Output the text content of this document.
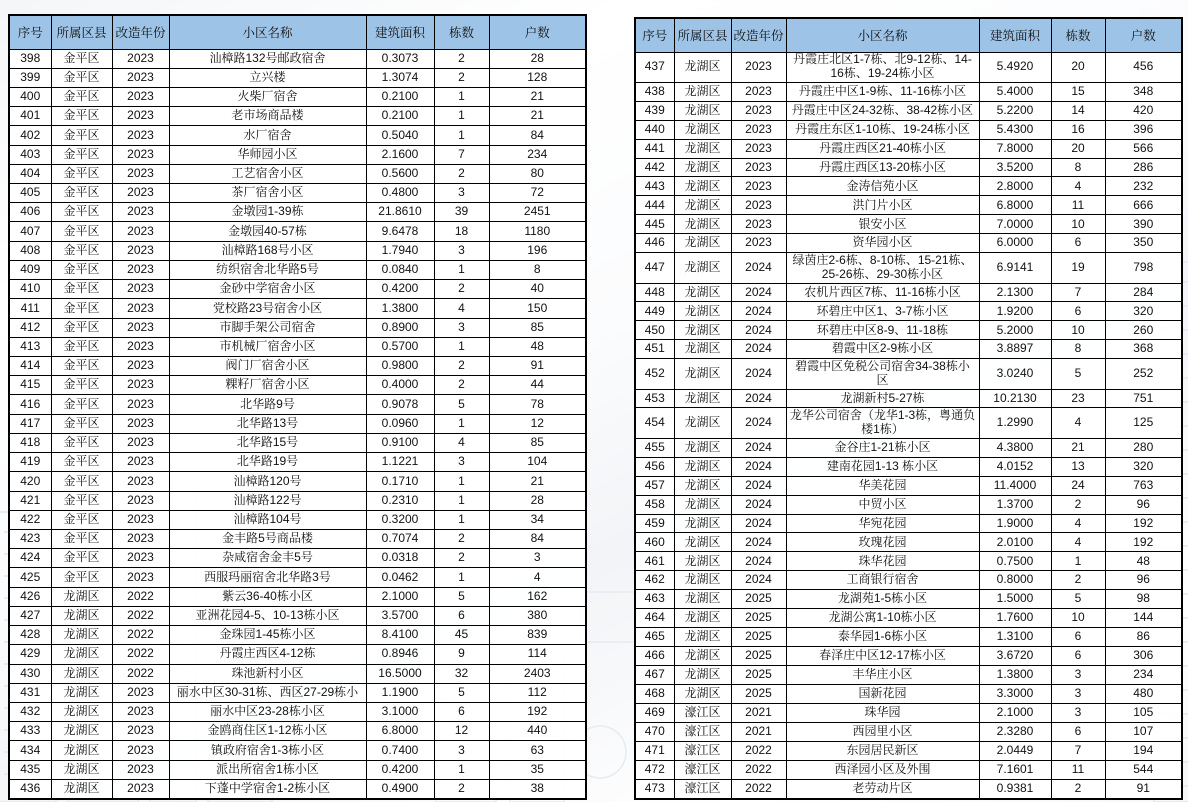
序号	所属区县	改造年份	小区名称	建筑面积	栋数	户数
398	金平区	2023	汕樟路132号邮政宿舍	0.3073	2	28
399	金平区	2023	立兴楼	1.3074	2	128
400	金平区	2023	火柴厂宿舍	0.2100	1	21
401	金平区	2023	老市场商品楼	0.2100	1	21
402	金平区	2023	水厂宿舍	0.5040	1	84
403	金平区	2023	华师园小区	2.1600	7	234
404	金平区	2023	工艺宿舍小区	0.5600	2	80
405	金平区	2023	茶厂宿舍小区	0.4800	3	72
406	金平区	2023	金墩园1-39栋	21.8610	39	2451
407	金平区	2023	金墩园40-57栋	9.6478	18	1180
408	金平区	2023	汕樟路168号小区	1.7940	3	196
409	金平区	2023	纺织宿舍北华路5号	0.0840	1	8
410	金平区	2023	金砂中学宿舍小区	0.4200	2	40
411	金平区	2023	党校路23号宿舍小区	1.3800	4	150
412	金平区	2023	市脚手架公司宿舍	0.8900	3	85
413	金平区	2023	市机械厂宿舍小区	0.5700	1	48
414	金平区	2023	阀门厂宿舍小区	0.9800	2	91
415	金平区	2023	粿籽厂宿舍小区	0.4000	2	44
416	金平区	2023	北华路9号	0.9078	5	78
417	金平区	2023	北华路13号	0.0960	1	12
418	金平区	2023	北华路15号	0.9100	4	85
419	金平区	2023	北华路19号	1.1221	3	104
420	金平区	2023	汕樟路120号	0.1710	1	21
421	金平区	2023	汕樟路122号	0.2310	1	28
422	金平区	2023	汕樟路104号	0.3200	1	34
423	金平区	2023	金丰路5号商品楼	0.7074	2	84
424	金平区	2023	杂咸宿舍金丰5号	0.0318	2	3
425	金平区	2023	西服玛丽宿舍北华路3号	0.0462	1	4
426	龙湖区	2022	紫云36-40栋小区	2.1000	5	162
427	龙湖区	2022	亚洲花园4-5、10-13栋小区	3.5700	6	380
428	龙湖区	2022	金珠园1-45栋小区	8.4100	45	839
429	龙湖区	2022	丹霞庄西区4-12栋	0.8946	9	114
430	龙湖区	2022	珠池新村小区	16.5000	32	2403
431	龙湖区	2023	丽水中区30-31栋、西区27-29栋小	1.1900	5	112
432	龙湖区	2023	丽水中区23-28栋小区	3.1000	6	192
433	龙湖区	2023	金鸥商住区1-12栋小区	6.8000	12	440
434	龙湖区	2023	镇政府宿舍1-3栋小区	0.7400	3	63
435	龙湖区	2023	派出所宿舍1栋小区	0.4200	1	35
436	龙湖区	2023	下蓬中学宿舍1-2栋小区	0.4900	2	38
序号	所属区县	改造年份	小区名称	建筑面积	栋数	户数
437	龙湖区	2023	丹霞庄北区1-7栋、北9-12栋、14-16栋、19-24栋小区	5.4920	20	456
438	龙湖区	2023	丹霞庄中区1-9栋、11-16栋小区	5.4000	15	348
439	龙湖区	2023	丹霞庄中区24-32栋、38-42栋小区	5.2200	14	420
440	龙湖区	2023	丹霞庄东区1-10栋、19-24栋小区	5.4300	16	396
441	龙湖区	2023	丹霞庄西区21-40栋小区	7.8000	20	566
442	龙湖区	2023	丹霞庄西区13-20栋小区	3.5200	8	286
443	龙湖区	2023	金涛信苑小区	2.8000	4	232
444	龙湖区	2023	洪门片小区	6.8000	11	666
445	龙湖区	2023	银安小区	7.0000	10	390
446	龙湖区	2023	资华园小区	6.0000	6	350
447	龙湖区	2024	绿茵庄2-6栋、8-10栋、15-21栋、25-26栋、29-30栋小区	6.9141	19	798
448	龙湖区	2024	农机片西区7栋、11-16栋小区	2.1300	7	284
449	龙湖区	2024	环碧庄中区1、3-7栋小区	1.9200	6	320
450	龙湖区	2024	环碧庄中区8-9、11-18栋	5.2000	10	260
451	龙湖区	2024	碧霞中区2-9栋小区	3.8897	8	368
452	龙湖区	2024	碧霞中区免税公司宿舍34-38栋小区	3.0240	5	252
453	龙湖区	2024	龙湖新村5-27栋	10.2130	23	751
454	龙湖区	2024	龙华公司宿舍（龙华1-3栋，粤通负楼1栋）	1.2990	4	125
455	龙湖区	2024	金谷庄1-21栋小区	4.3800	21	280
456	龙湖区	2024	建南花园1-13 栋小区	4.0152	13	320
457	龙湖区	2024	华美花园	11.4000	24	763
458	龙湖区	2024	中贸小区	1.3700	2	96
459	龙湖区	2024	华宛花园	1.9000	4	192
460	龙湖区	2024	玫瑰花园	2.0100	4	192
461	龙湖区	2024	珠华花园	0.7500	1	48
462	龙湖区	2024	工商银行宿舍	0.8000	2	96
463	龙湖区	2025	龙湖苑1-5栋小区	1.5000	5	98
464	龙湖区	2025	龙湖公寓1-10栋小区	1.7600	10	144
465	龙湖区	2025	泰华园1-6栋小区	1.3100	6	86
466	龙湖区	2025	春泽庄中区12-17栋小区	3.6720	6	306
467	龙湖区	2025	丰华庄小区	1.3800	3	234
468	龙湖区	2025	国新花园	3.3000	3	480
469	濠江区	2021	珠华园	2.1000	3	105
470	濠江区	2021	西园里小区	2.3280	6	107
471	濠江区	2022	东园居民新区	2.0449	7	194
472	濠江区	2022	西泽园小区及外围	7.1601	11	544
473	濠江区	2022	老劳动片区	0.9381	2	91
